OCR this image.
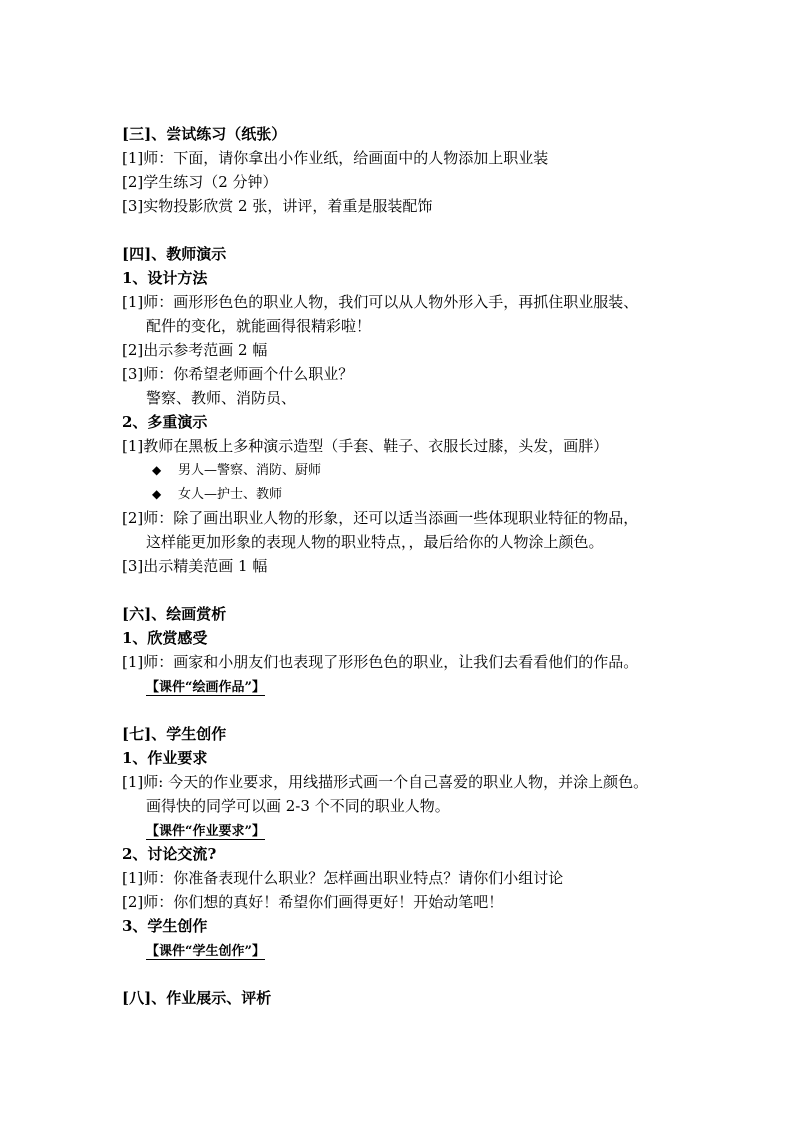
[三]、尝试练习（纸张）
[1]师：下面，请你拿出小作业纸，给画面中的人物添加上职业装
[2]学生练习（2 分钟）
[3]实物投影欣赏 2 张，讲评，着重是服装配饰
[四]、教师演示
1、设计方法
[1]师：画形形色色的职业人物，我们可以从人物外形入手，再抓住职业服装、
配件的变化，就能画得很精彩啦！
[2]出示参考范画 2 幅
[3]师：你希望老师画个什么职业？
警察、教师、消防员、
2、多重演示
[1]教师在黑板上多种演示造型（手套、鞋子、衣服长过膝，头发，画胖）
◆ 男人—警察、消防、厨师
◆ 女人—护士、教师
[2]师：除了画出职业人物的形象，还可以适当添画一些体现职业特征的物品，
这样能更加形象的表现人物的职业特点，，最后给你的人物涂上颜色。
[3]出示精美范画 1 幅
[六]、绘画赏析
1、欣赏感受
[1]师：画家和小朋友们也表现了形形色色的职业，让我们去看看他们的作品。
【课件“绘画作品”】
[七]、学生创作
1、作业要求
[1]师: 今天的作业要求，用线描形式画一个自己喜爱的职业人物，并涂上颜色。
画得快的同学可以画 2-3 个不同的职业人物。
【课件“作业要求”】
2、讨论交流?
[1]师：你准备表现什么职业？怎样画出职业特点？请你们小组讨论
[2]师：你们想的真好！希望你们画得更好！开始动笔吧！
3、学生创作
【课件“学生创作”】
[八]、作业展示、评析
